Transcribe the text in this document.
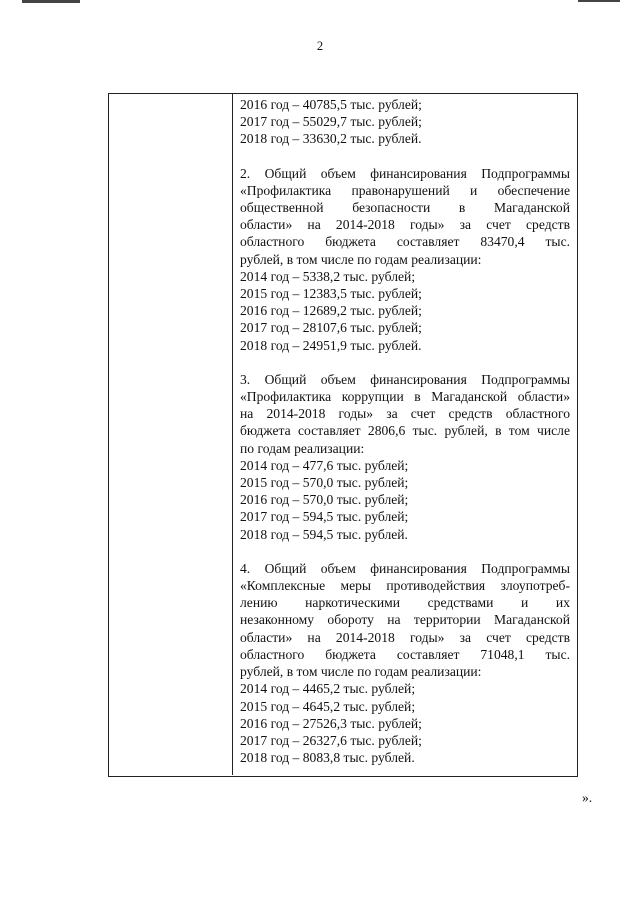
2
2016 год – 40785,5 тыс. рублей;
2017 год – 55029,7 тыс. рублей;
2018 год – 33630,2 тыс. рублей.
2. Общий объем финансирования Подпрограммы
«Профилактика правонарушений и обеспечение
общественной безопасности в Магаданской
области» на 2014-2018 годы» за счет средств
областного бюджета составляет 83470,4 тыс.
рублей, в том числе по годам реализации:
2014 год – 5338,2 тыс. рублей;
2015 год – 12383,5 тыс. рублей;
2016 год – 12689,2 тыс. рублей;
2017 год – 28107,6 тыс. рублей;
2018 год – 24951,9 тыс. рублей.
3. Общий объем финансирования Подпрограммы
«Профилактика коррупции в Магаданской области»
на 2014-2018 годы» за счет средств областного
бюджета составляет 2806,6 тыс. рублей, в том числе
по годам реализации:
2014 год – 477,6 тыс. рублей;
2015 год – 570,0 тыс. рублей;
2016 год – 570,0 тыс. рублей;
2017 год – 594,5 тыс. рублей;
2018 год – 594,5 тыс. рублей.
4. Общий объем финансирования Подпрограммы
«Комплексные меры противодействия злоупотреб-
лению наркотическими средствами и их
незаконному обороту на территории Магаданской
области» на 2014-2018 годы» за счет средств
областного бюджета составляет 71048,1 тыс.
рублей, в том числе по годам реализации:
2014 год – 4465,2 тыс. рублей;
2015 год – 4645,2 тыс. рублей;
2016 год – 27526,3 тыс. рублей;
2017 год – 26327,6 тыс. рублей;
2018 год – 8083,8 тыс. рублей.
».
